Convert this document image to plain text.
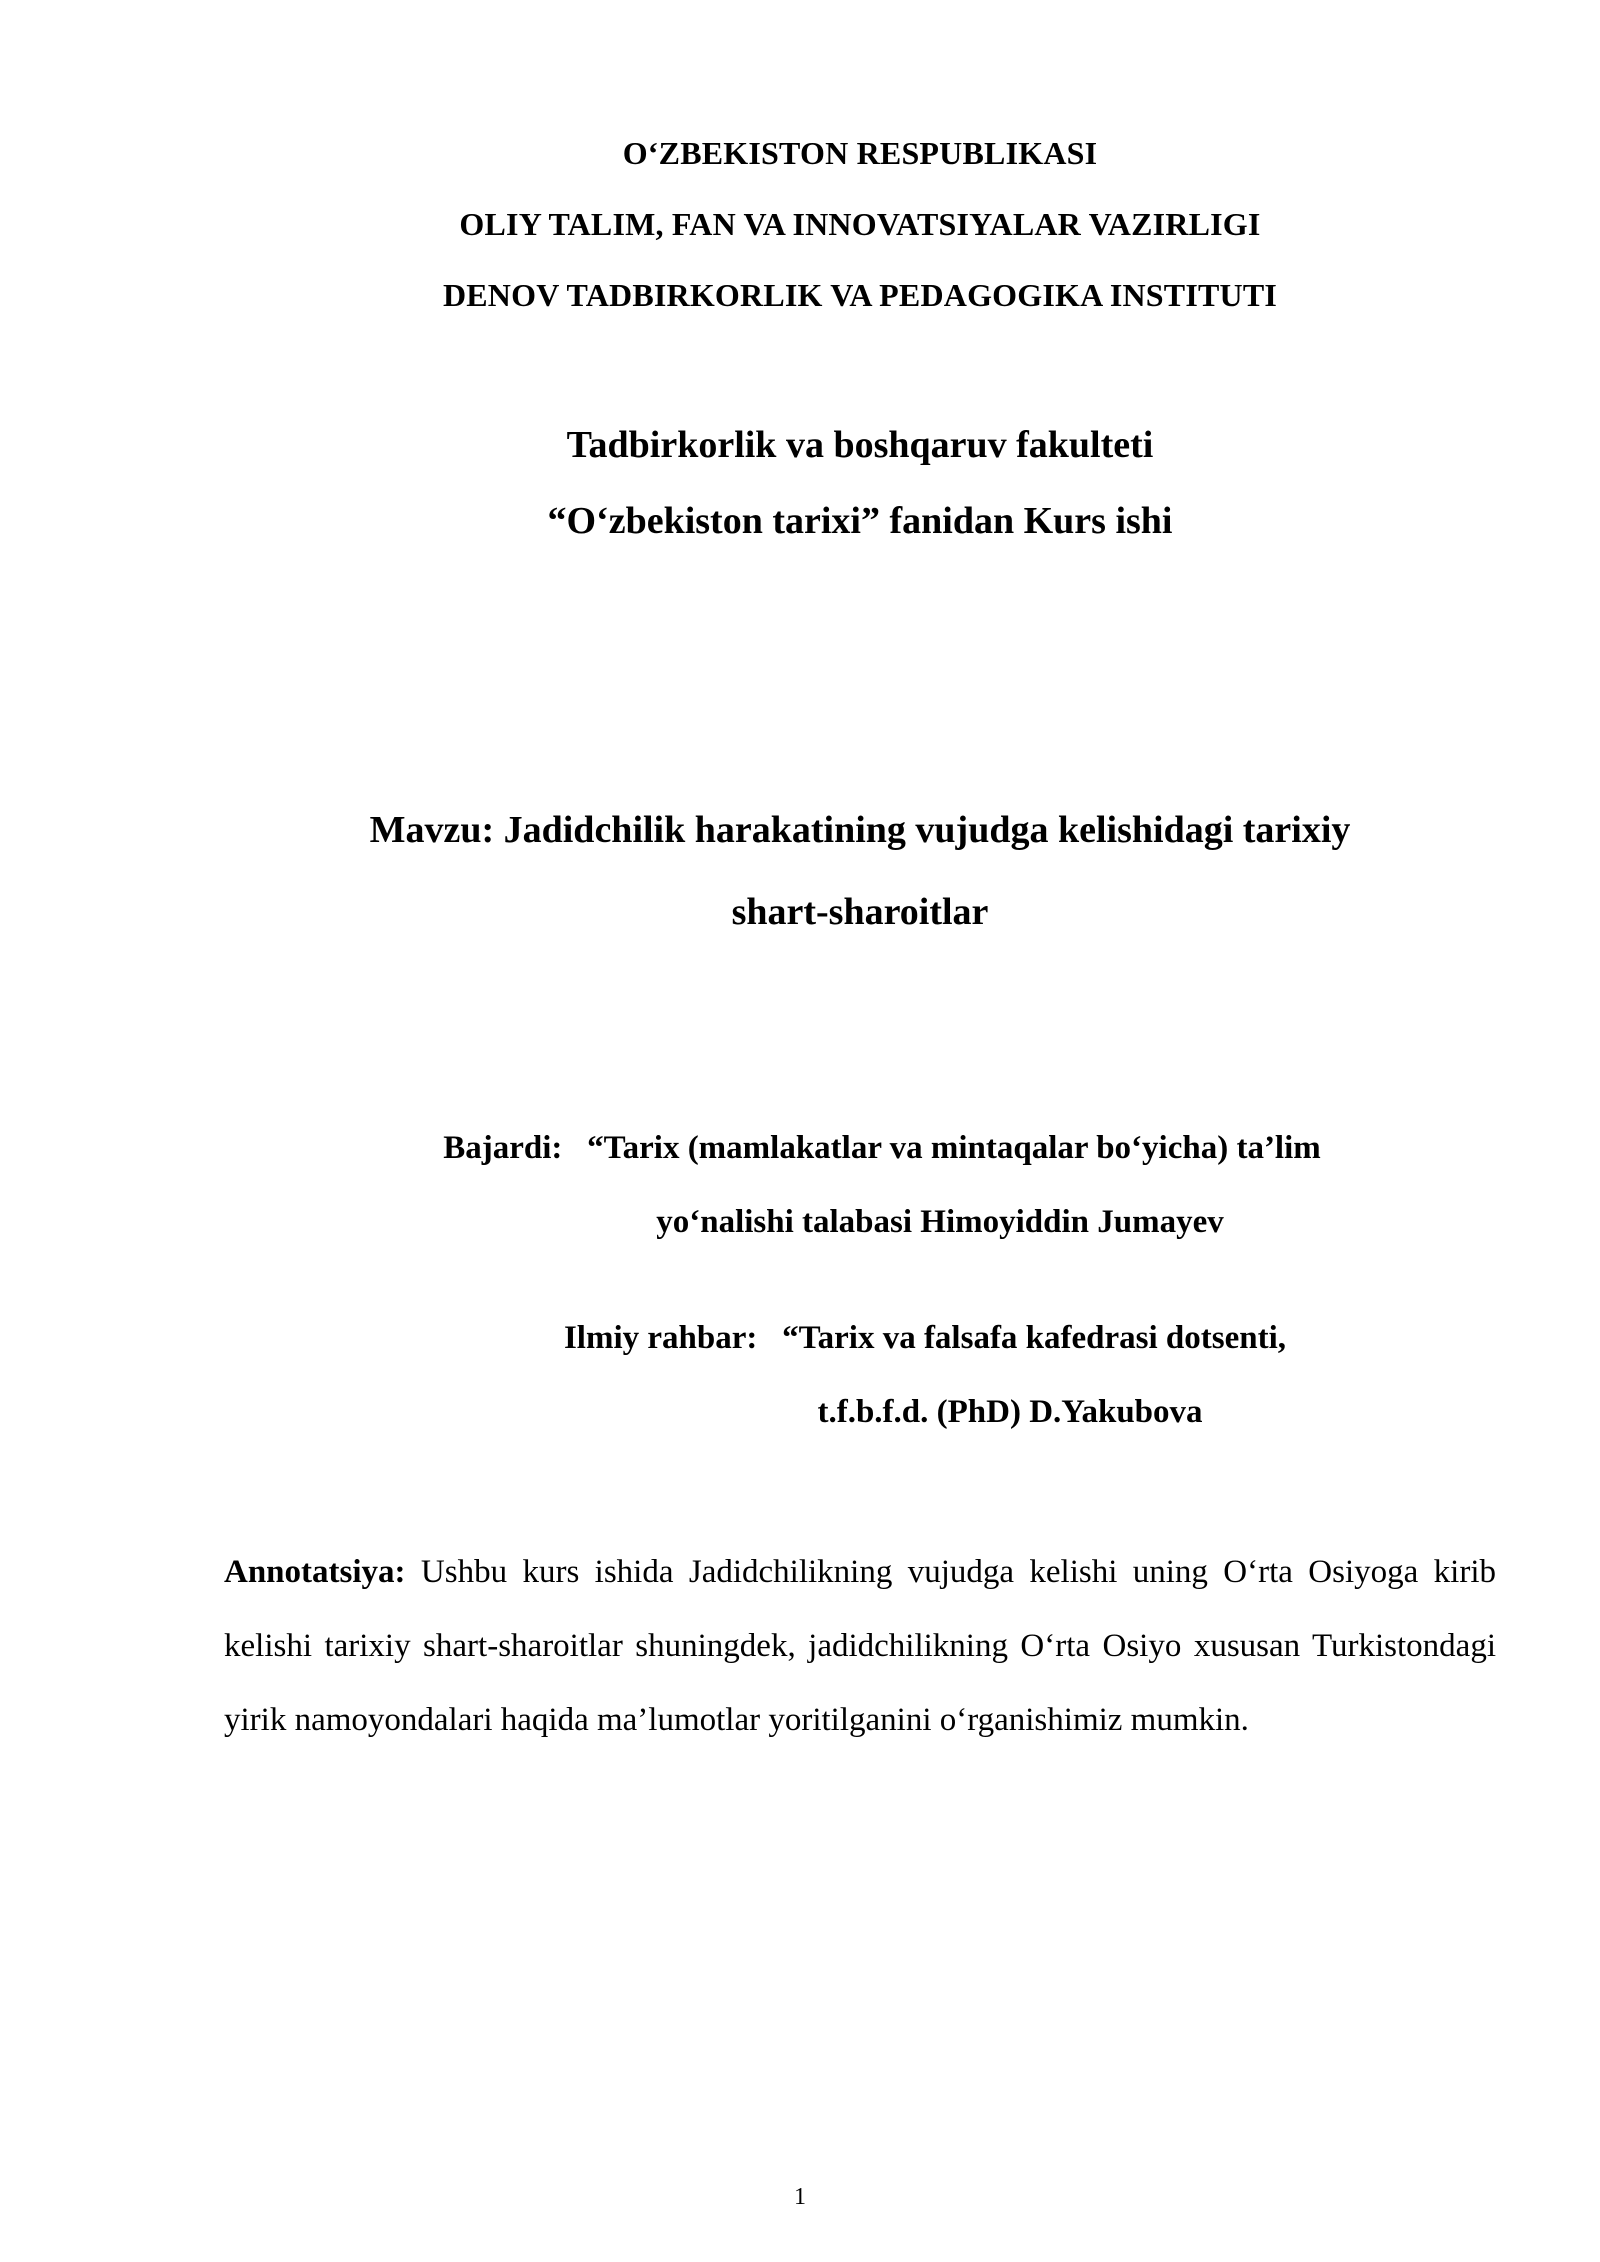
O‘ZBEKISTON RESPUBLIKASI
OLIY TALIM, FAN VA INNOVATSIYALAR VAZIRLIGI
DENOV TADBIRKORLIK VA PEDAGOGIKA INSTITUTI
Tadbirkorlik va boshqaruv fakulteti
“O‘zbekiston tarixi” fanidan Kurs ishi
Mavzu: Jadidchilik harakatining vujudga kelishidagi tarixiy
shart-sharoitlar
Bajardi: “Tarix (mamlakatlar va mintaqalar bo‘yicha) ta’lim
yo‘nalishi talabasi Himoyiddin Jumayev
Ilmiy rahbar: “Tarix va falsafa kafedrasi dotsenti,
t.f.b.f.d. (PhD) D.Yakubova
Annotatsiya: Ushbu kurs ishida Jadidchilikning vujudga kelishi uning O‘rta Osiyoga kirib kelishi tarixiy shart-sharoitlar shuningdek, jadidchilikning O‘rta Osiyo xususan Turkistondagi yirik namoyondalari haqida ma’lumotlar yoritilganini o‘rganishimiz mumkin.
1
